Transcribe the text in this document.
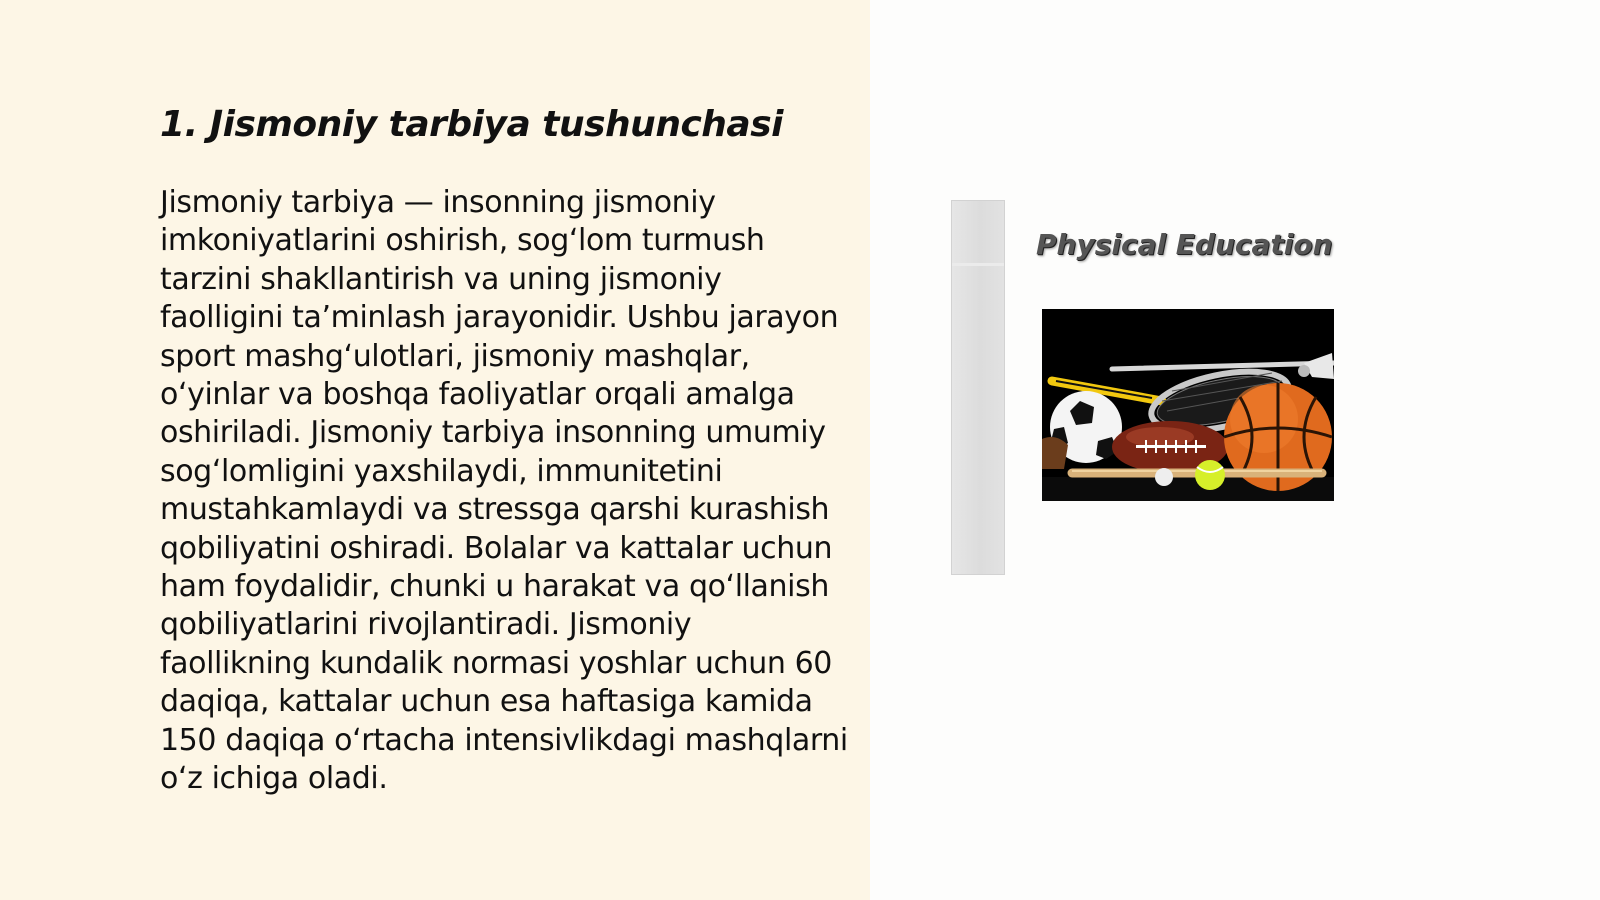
1. Jismoniy tarbiya tushunchasi

Jismoniy tarbiya — insonning jismoniy imkoniyatlarini oshirish, sog‘lom turmush tarzini shakllantirish va uning jismoniy faolligini ta’minlash jarayonidir. Ushbu jarayon sport mashg‘ulotlari, jismoniy mashqlar, o‘yinlar va boshqa faoliyatlar orqali amalga oshiriladi. Jismoniy tarbiya insonning umumiy sog‘lomligini yaxshilaydi, immunitetini mustahkamlaydi va stressga qarshi kurashish qobiliyatini oshiradi. Bolalar va kattalar uchun ham foydalidir, chunki u harakat va qo‘llanish qobiliyatlarini rivojlantiradi. Jismoniy faollikning kundalik normasi yoshlar uchun 60 daqiqa, kattalar uchun esa haftasiga kamida 150 daqiqa o‘rtacha intensivlikdagi mashqlarni o‘z ichiga oladi.

Physical Education
